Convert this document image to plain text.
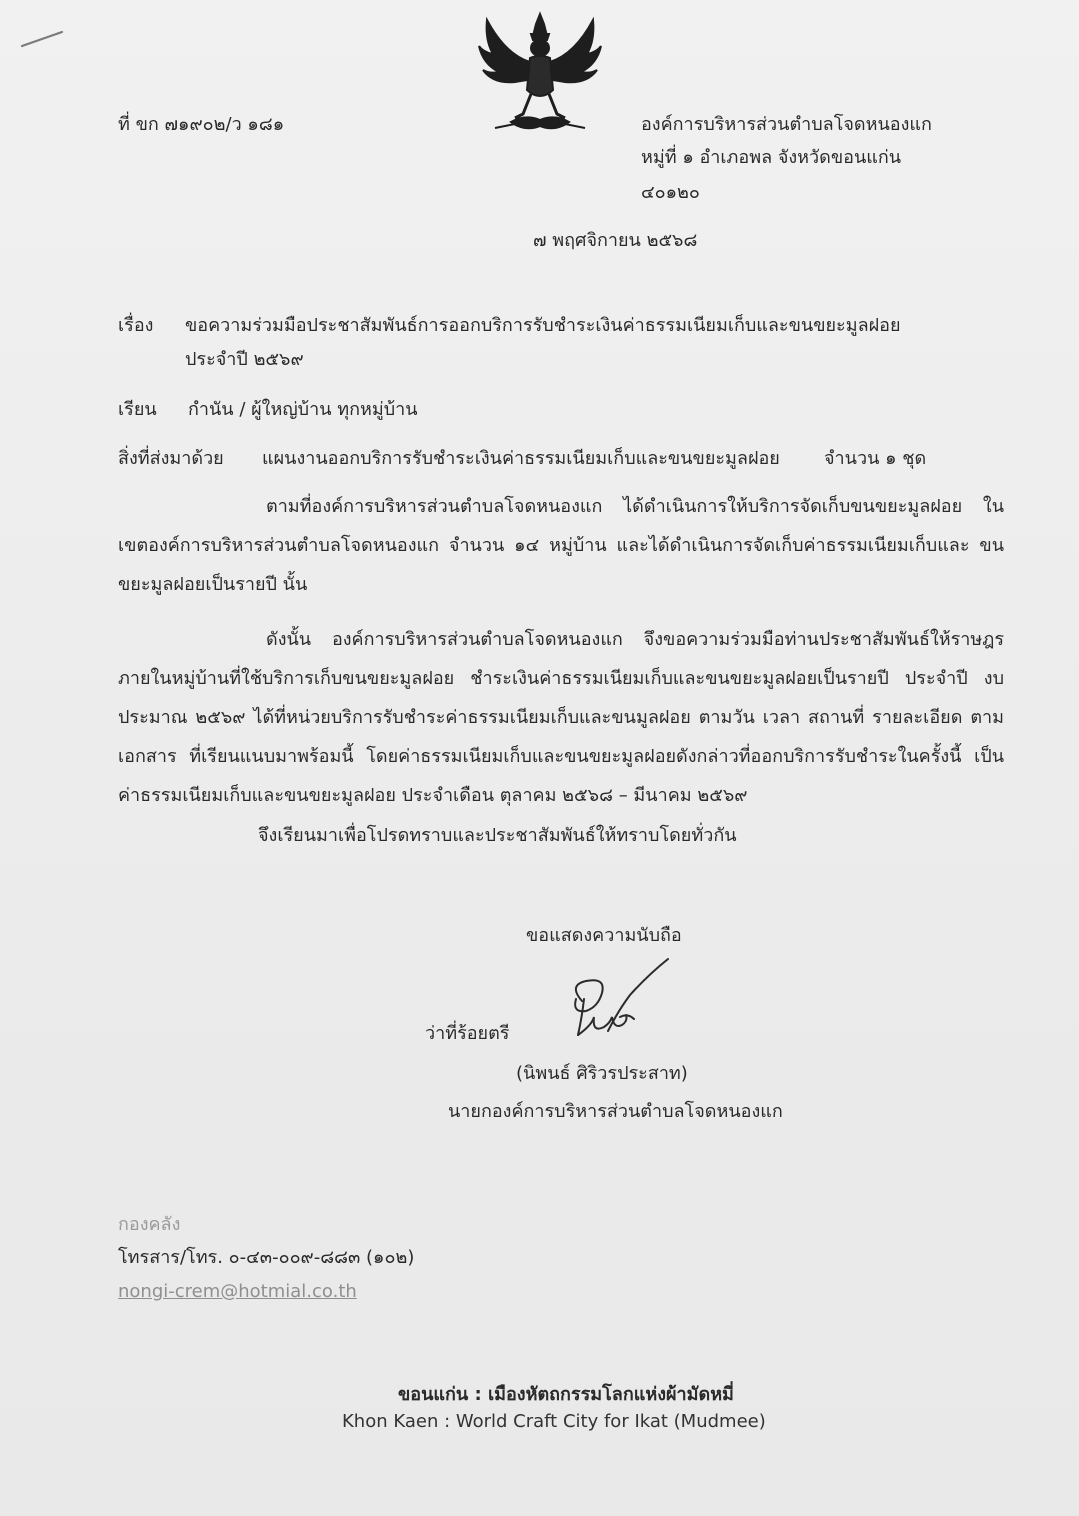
ที่ ขก ๗๑๙๐๒/ว ๑๘๑	องค์การบริหารส่วนตำบลโจดหนองแก
หมู่ที่ ๑ อำเภอพล จังหวัดขอนแก่น
๔๐๑๒๐
๗ พฤศจิกายน ๒๕๖๘
เรื่อง ขอความร่วมมือประชาสัมพันธ์การออกบริการรับชำระเงินค่าธรรมเนียมเก็บและขนขยะมูลฝอย
ประจำปี ๒๕๖๙
เรียน กำนัน / ผู้ใหญ่บ้าน ทุกหมู่บ้าน
สิ่งที่ส่งมาด้วย แผนงานออกบริการรับชำระเงินค่าธรรมเนียมเก็บและขนขยะมูลฝอย จำนวน ๑ ชุด
ตามที่องค์การบริหารส่วนตำบลโจดหนองแก ได้ดำเนินการให้บริการจัดเก็บขนขยะมูลฝอย ในเขตองค์การบริหารส่วนตำบลโจดหนองแก จำนวน ๑๔ หมู่บ้าน และได้ดำเนินการจัดเก็บค่าธรรมเนียมเก็บและ ขนขยะมูลฝอยเป็นรายปี นั้น
ดังนั้น องค์การบริหารส่วนตำบลโจดหนองแก จึงขอความร่วมมือท่านประชาสัมพันธ์ให้ราษฎร ภายในหมู่บ้านที่ใช้บริการเก็บขนขยะมูลฝอย ชำระเงินค่าธรรมเนียมเก็บและขนขยะมูลฝอยเป็นรายปี ประจำปี งบประมาณ ๒๕๖๙ ได้ที่หน่วยบริการรับชำระค่าธรรมเนียมเก็บและขนมูลฝอย ตามวัน เวลา สถานที่ รายละเอียด ตามเอกสาร ที่เรียนแนบมาพร้อมนี้ โดยค่าธรรมเนียมเก็บและขนขยะมูลฝอยดังกล่าวที่ออกบริการรับชำระในครั้งนี้ เป็นค่าธรรมเนียมเก็บและขนขยะมูลฝอย ประจำเดือน ตุลาคม ๒๕๖๘ – มีนาคม ๒๕๖๙
จึงเรียนมาเพื่อโปรดทราบและประชาสัมพันธ์ให้ทราบโดยทั่วกัน
ขอแสดงความนับถือ
ว่าที่ร้อยตรี
(นิพนธ์ ศิริวรประสาท)
นายกองค์การบริหารส่วนตำบลโจดหนองแก
กองคลัง
โทรสาร/โทร. ๐-๔๓-๐๐๙-๘๘๓ (๑๐๒)
nongi-crem@hotmial.co.th
ขอนแก่น : เมืองหัตถกรรมโลกแห่งผ้ามัดหมี่
Khon Kaen : World Craft City for Ikat (Mudmee)
